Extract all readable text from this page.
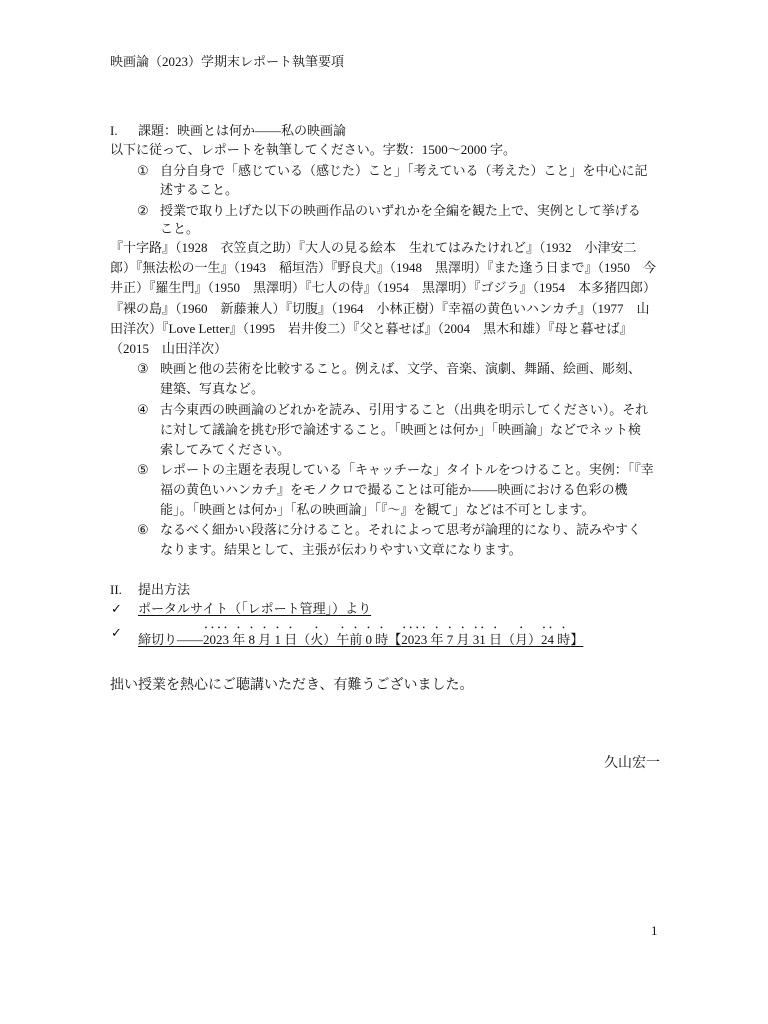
映画論（2023）学期末レポート執筆要項
I. 課題：映画とは何か――私の映画論
以下に従って、レポートを執筆してください。字数：1500～2000 字。
① 自分自身で「感じている（感じた）こと」「考えている（考えた）こと」を中心に記
述すること。
② 授業で取り上げた以下の映画作品のいずれかを全編を観た上で、実例として挙げる
こと。
『十字路』（1928　衣笠貞之助）『大人の見る絵本　生れてはみたけれど』（1932　小津安二
郎）『無法松の一生』（1943　稲垣浩）『野良犬』（1948　黒澤明）『また逢う日まで』（1950　今
井正）『羅生門』（1950　黒澤明）『七人の侍』（1954　黒澤明）『ゴジラ』（1954　本多猪四郎）
『裸の島』（1960　新藤兼人）『切腹』（1964　小林正樹）『幸福の黄色いハンカチ』（1977　山
田洋次）『Love Letter』（1995　岩井俊二）『父と暮せば』（2004　黒木和雄）『母と暮せば』
（2015　山田洋次）
③ 映画と他の芸術を比較すること。例えば、文学、音楽、演劇、舞踊、絵画、彫刻、
建築、写真など。
④ 古今東西の映画論のどれかを読み、引用すること（出典を明示してください）。それ
に対して議論を挑む形で論述すること。「映画とは何か」「映画論」などでネット検
索してみてください。
⑤ レポートの主題を表現している「キャッチーな」タイトルをつけること。実例：「『幸
福の黄色いハンカチ』をモノクロで撮ることは可能か――映画における色彩の機
能」。「映画とは何か」「私の映画論」「『～』を観て」などは不可とします。
⑥ なるべく細かい段落に分けること。それによって思考が論理的になり、読みやすく
なります。結果として、主張が伝わりやすい文章になります。
II. 提出方法
✓ ポータルサイト（「レポート管理」）より
✓ 締切り――2023 年 8 月 1 日（火）午前 0 時【2023 年 7 月 31 日（月）24 時】
拙い授業を熱心にご聴講いただき、有難うございました。
久山宏一
1
